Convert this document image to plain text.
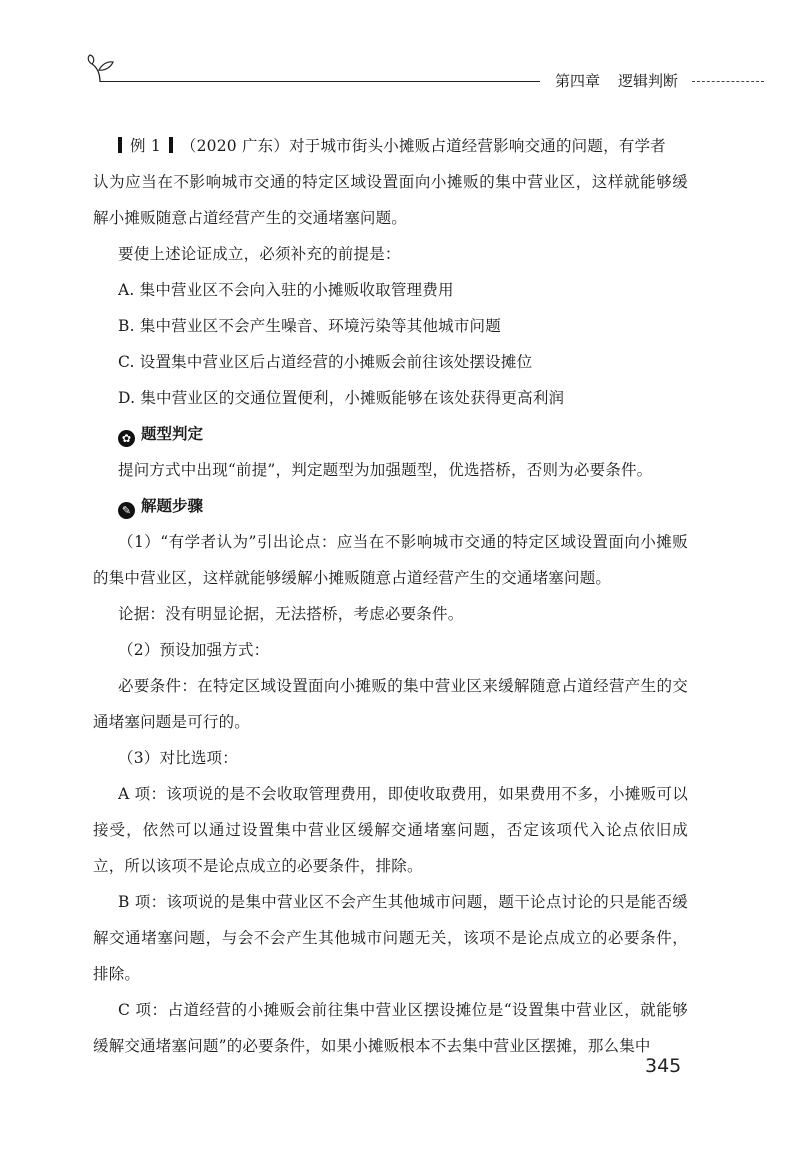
第四章 逻辑判断

例 1 （2020 广东）对于城市街头小摊贩占道经营影响交通的问题，有学者

认为应当在不影响城市交通的特定区域设置面向小摊贩的集中营业区，这样就能够缓解小摊贩随意占道经营产生的交通堵塞问题。

要使上述论证成立，必须补充的前提是：

A. 集中营业区不会向入驻的小摊贩收取管理费用

B. 集中营业区不会产生噪音、环境污染等其他城市问题

C. 设置集中营业区后占道经营的小摊贩会前往该处摆设摊位

D. 集中营业区的交通位置便利，小摊贩能够在该处获得更高利润

✿ 题型判定

提问方式中出现“前提”，判定题型为加强题型，优选搭桥，否则为必要条件。

✎ 解题步骤

（1）“有学者认为”引出论点：应当在不影响城市交通的特定区域设置面向小摊贩的集中营业区，这样就能够缓解小摊贩随意占道经营产生的交通堵塞问题。

论据：没有明显论据，无法搭桥，考虑必要条件。

（2）预设加强方式：

必要条件：在特定区域设置面向小摊贩的集中营业区来缓解随意占道经营产生的交通堵塞问题是可行的。

（3）对比选项：

A 项：该项说的是不会收取管理费用，即使收取费用，如果费用不多，小摊贩可以接受，依然可以通过设置集中营业区缓解交通堵塞问题，否定该项代入论点依旧成立，所以该项不是论点成立的必要条件，排除。

B 项：该项说的是集中营业区不会产生其他城市问题，题干论点讨论的只是能否缓解交通堵塞问题，与会不会产生其他城市问题无关，该项不是论点成立的必要条件，排除。

C 项：占道经营的小摊贩会前往集中营业区摆设摊位是“设置集中营业区，就能够缓解交通堵塞问题”的必要条件，如果小摊贩根本不去集中营业区摆摊，那么集中

345
